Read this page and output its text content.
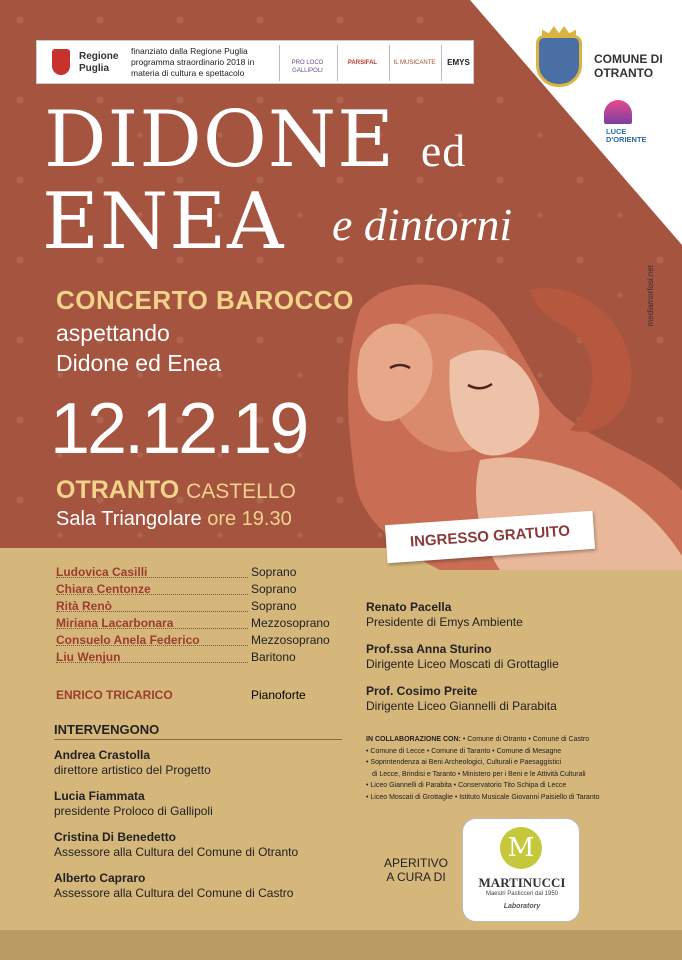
Regione Puglia
finanziato dalla Regione Puglia programma straordinario 2018 in materia di cultura e spettacolo
PRO LOCO GALLIPOLI
PARSIFAL	IL MUSICANTE	EMYS	COMUNE DI OTRANTO
LUCE D'ORIENTE
DIDONE ed
ENEA e dintorni
mediamorfosi.net
CONCERTO BAROCCO
aspettando
Didone ed Enea
12.12.19
OTRANTO CASTELLO
Sala Triangolare ore 19.30
INGRESSO GRATUITO
Ludovica Casilli	Soprano
Chiara Centonze	Soprano
Rità Renò	Soprano
Miriana Lacarbonara	Mezzosoprano
Consuelo Anela Federico	Mezzosoprano
Liu Wenjun	Baritono
ENRICO TRICARICO	Pianoforte
INTERVENGONO
Andrea Crastolla
direttore artistico del Progetto
Lucia Fiammata
presidente Proloco di Gallipoli
Cristina Di Benedetto
Assessore alla Cultura del Comune di Otranto
Alberto Capraro
Assessore alla Cultura del Comune di Castro
Renato Pacella
Presidente di Emys Ambiente
Prof.ssa Anna Sturino
Dirigente Liceo Moscati di Grottaglie
Prof. Cosimo Preite
Dirigente Liceo Giannelli di Parabita
IN COLLABORAZIONE CON: • Comune di Otranto • Comune di Castro
• Comune di Lecce • Comune di Taranto • Comune di Mesagne
• Soprintendenza ai Beni Archeologici, Culturali e Paesaggistici
di Lecce, Brindisi e Taranto • Ministero per i Beni e le Attività Culturali
• Liceo Giannelli di Parabita • Conservatorio Tito Schipa di Lecce
• Liceo Moscati di Grottaglie • Istituto Musicale Giovanni Paisiello di Taranto
APERITIVO
A CURA DI
M
MARTINUCCI
Maestri Pasticceri dal 1950
Laboratory
